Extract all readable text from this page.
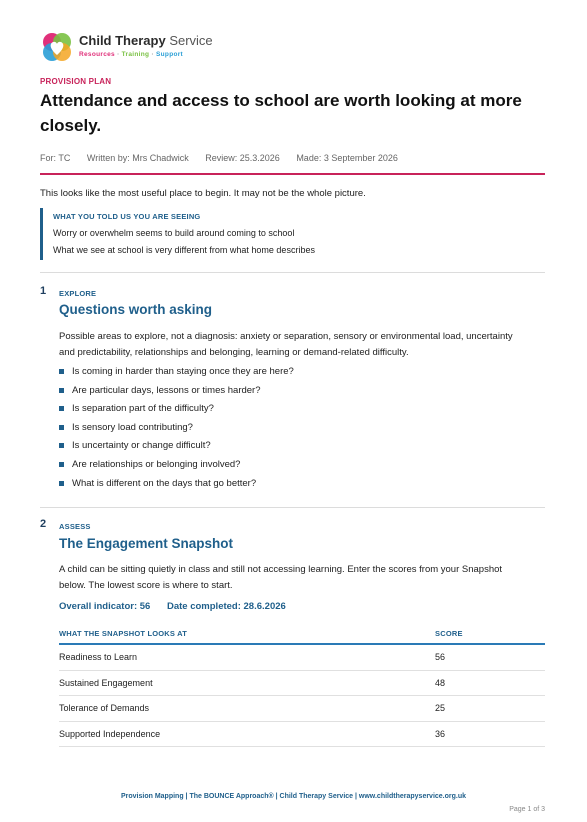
Child Therapy Service
Resources · Training · Support
PROVISION PLAN
Attendance and access to school are worth looking at more closely.
For: TC Written by: Mrs Chadwick Review: 25.3.2026 Made: 3 September 2026
This looks like the most useful place to begin. It may not be the whole picture.
WHAT YOU TOLD US YOU ARE SEEING
Worry or overwhelm seems to build around coming to school
What we see at school is very different from what home describes
1 EXPLORE
Questions worth asking
Possible areas to explore, not a diagnosis: anxiety or separation, sensory or environmental load, uncertainty and predictability, relationships and belonging, learning or demand-related difficulty.
Is coming in harder than staying once they are here?
Are particular days, lessons or times harder?
Is separation part of the difficulty?
Is sensory load contributing?
Is uncertainty or change difficult?
Are relationships or belonging involved?
What is different on the days that go better?
2 ASSESS
The Engagement Snapshot
A child can be sitting quietly in class and still not accessing learning. Enter the scores from your Snapshot below. The lowest score is where to start.
Overall indicator: 56 Date completed: 28.6.2026
WHAT THE SNAPSHOT LOOKS AT	SCORE
Readiness to Learn	56
Sustained Engagement	48
Tolerance of Demands	25
Supported Independence	36
Provision Mapping | The BOUNCE Approach® | Child Therapy Service | www.childtherapyservice.org.uk
Page 1 of 3
